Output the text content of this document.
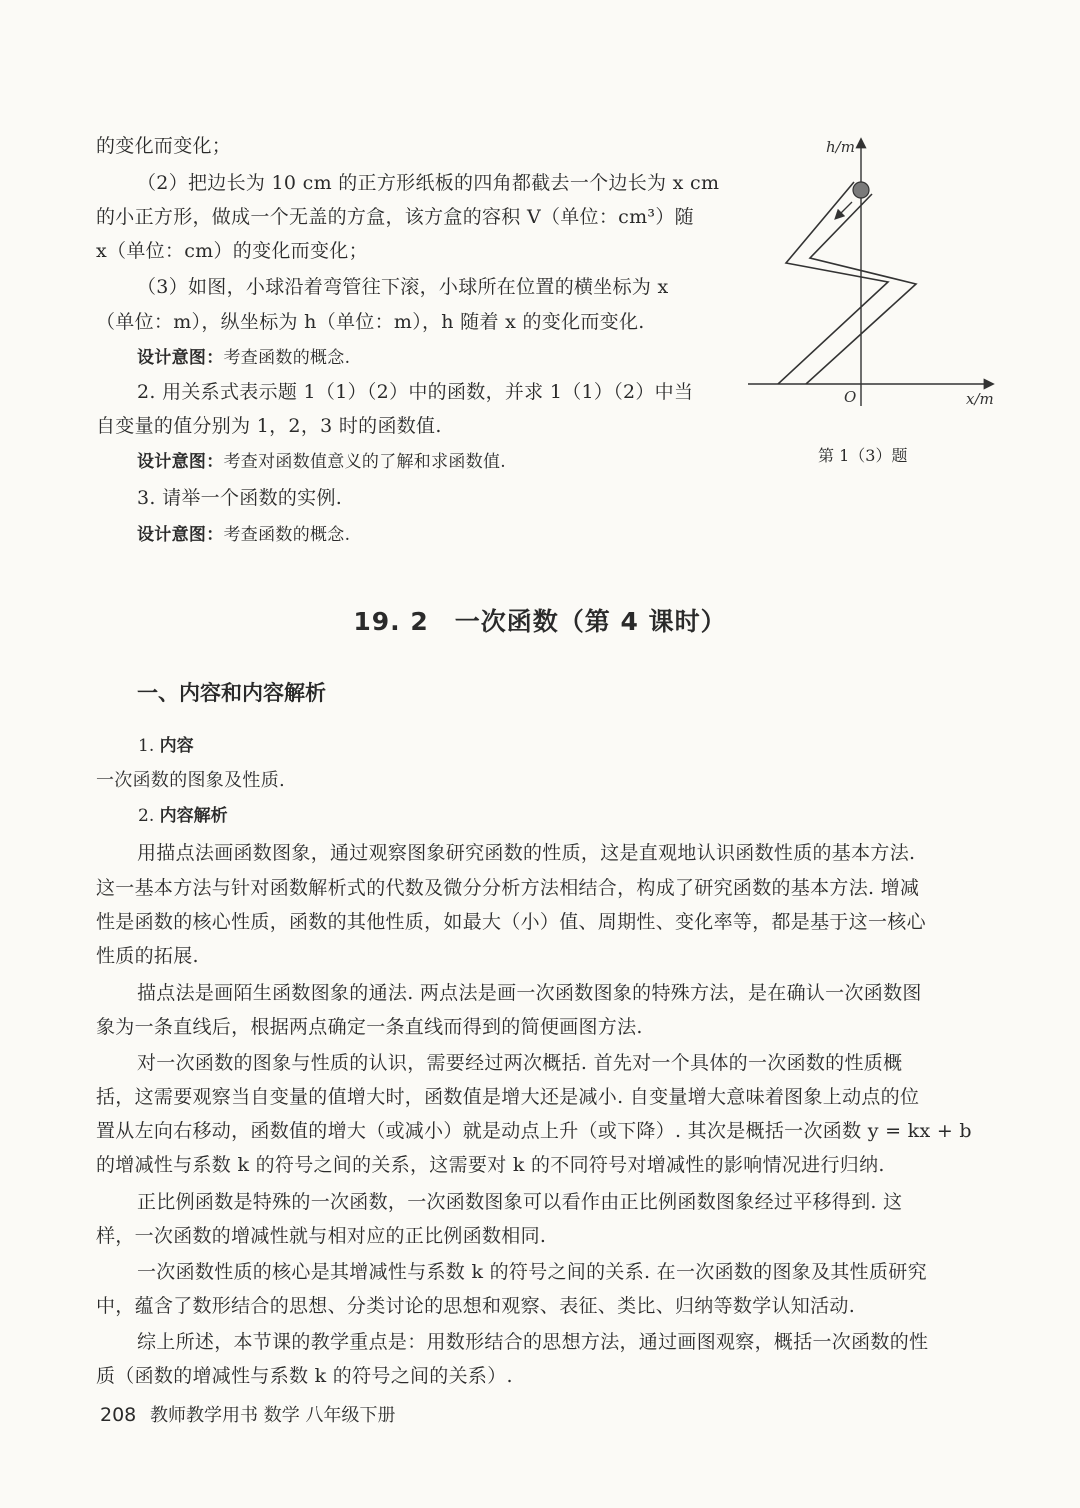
的变化而变化；
（2）把边长为 10 cm 的正方形纸板的四角都截去一个边长为 x cm
的小正方形，做成一个无盖的方盒，该方盒的容积 V（单位：cm³）随
x（单位：cm）的变化而变化；
（3）如图，小球沿着弯管往下滚，小球所在位置的横坐标为 x
（单位：m），纵坐标为 h（单位：m），h 随着 x 的变化而变化.
设计意图：考查函数的概念.
2. 用关系式表示题 1（1）（2）中的函数，并求 1（1）（2）中当
自变量的值分别为 1，2，3 时的函数值.
设计意图：考查对函数值意义的了解和求函数值.
3. 请举一个函数的实例.
设计意图：考查函数的概念.
h/m
x/m
O
第 1（3）题
19. 2　一次函数（第 4 课时）
一、内容和内容解析
1. 内容
一次函数的图象及性质.
2. 内容解析
用描点法画函数图象，通过观察图象研究函数的性质，这是直观地认识函数性质的基本方法.
这一基本方法与针对函数解析式的代数及微分分析方法相结合，构成了研究函数的基本方法. 增减
性是函数的核心性质，函数的其他性质，如最大（小）值、周期性、变化率等，都是基于这一核心
性质的拓展.
描点法是画陌生函数图象的通法. 两点法是画一次函数图象的特殊方法，是在确认一次函数图
象为一条直线后，根据两点确定一条直线而得到的简便画图方法.
对一次函数的图象与性质的认识，需要经过两次概括. 首先对一个具体的一次函数的性质概
括，这需要观察当自变量的值增大时，函数值是增大还是减小. 自变量增大意味着图象上动点的位
置从左向右移动，函数值的增大（或减小）就是动点上升（或下降）. 其次是概括一次函数 y = kx + b
的增减性与系数 k 的符号之间的关系，这需要对 k 的不同符号对增减性的影响情况进行归纳.
正比例函数是特殊的一次函数，一次函数图象可以看作由正比例函数图象经过平移得到. 这
样，一次函数的增减性就与相对应的正比例函数相同.
一次函数性质的核心是其增减性与系数 k 的符号之间的关系. 在一次函数的图象及其性质研究
中，蕴含了数形结合的思想、分类讨论的思想和观察、表征、类比、归纳等数学认知活动.
综上所述，本节课的教学重点是：用数形结合的思想方法，通过画图观察，概括一次函数的性
质（函数的增减性与系数 k 的符号之间的关系）.
208 教师教学用书 数学 八年级下册
